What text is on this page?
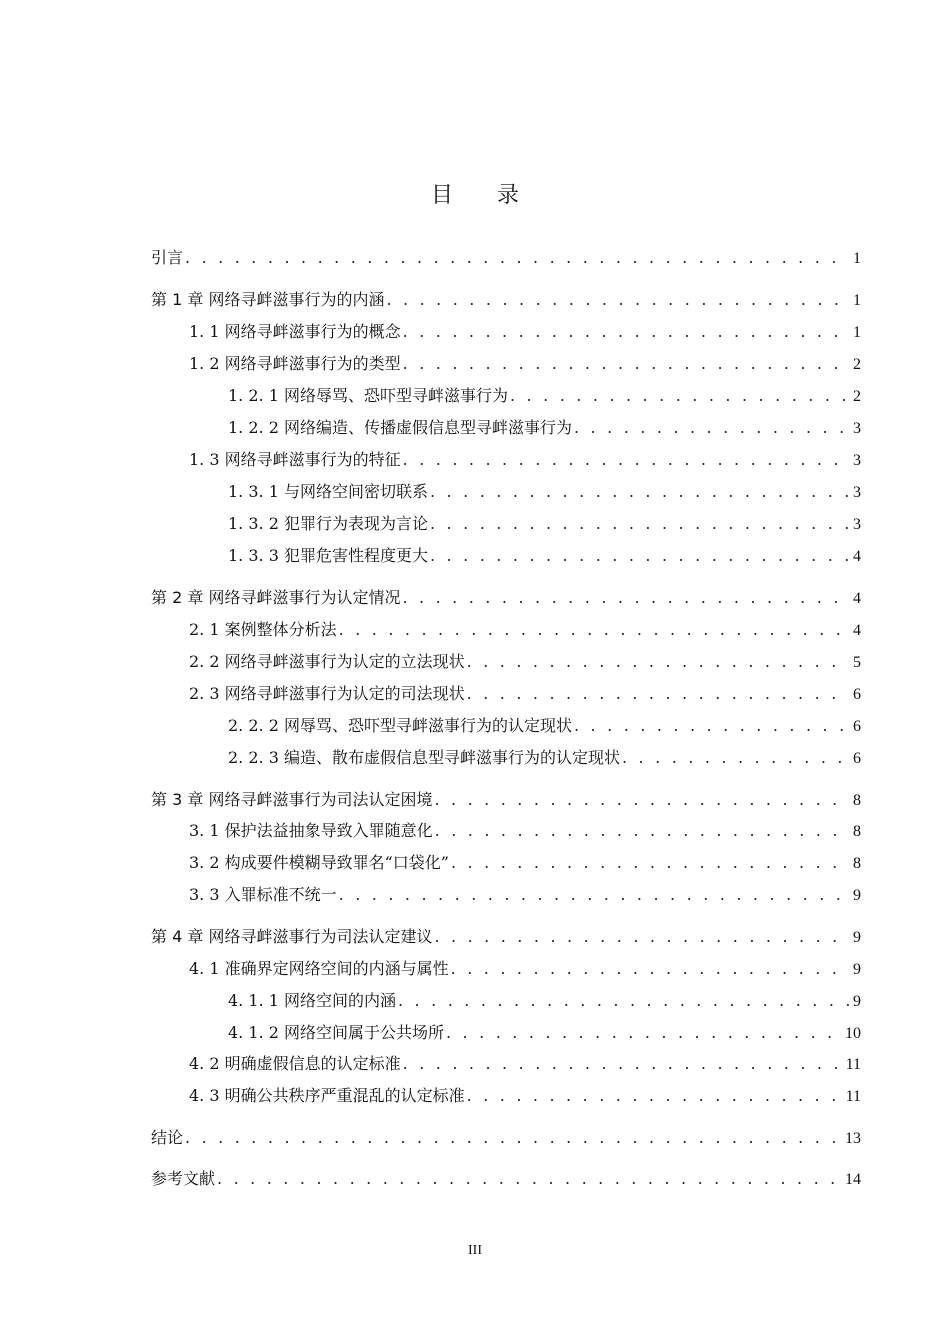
目 录
引言 . . .	1
第 1 章 网络寻衅滋事行为的内涵 . . .	1
1. 1 网络寻衅滋事行为的概念 . . .	1
1. 2 网络寻衅滋事行为的类型 . . .	2
1. 2. 1 网络辱骂、恐吓型寻衅滋事行为 . . .	2
1. 2. 2 网络编造、传播虚假信息型寻衅滋事行为 . . .	3
1. 3 网络寻衅滋事行为的特征 . . .	3
1. 3. 1 与网络空间密切联系 . . .	3
1. 3. 2 犯罪行为表现为言论 . . .	3
1. 3. 3 犯罪危害性程度更大 . . .	4
第 2 章 网络寻衅滋事行为认定情况 . . .	4
2. 1 案例整体分析法 . . .	4
2. 2 网络寻衅滋事行为认定的立法现状 . . .	5
2. 3 网络寻衅滋事行为认定的司法现状 . . .	6
2. 2. 2 网辱骂、恐吓型寻衅滋事行为的认定现状 . . .	6
2. 2. 3 编造、散布虚假信息型寻衅滋事行为的认定现状 . . .	6
第 3 章 网络寻衅滋事行为司法认定困境 . . .	8
3. 1 保护法益抽象导致入罪随意化 . . .	8
3. 2 构成要件模糊导致罪名“口袋化” . . .	8
3. 3 入罪标准不统一 . . .	9
第 4 章 网络寻衅滋事行为司法认定建议 . . .	9
4. 1 准确界定网络空间的内涵与属性 . . .	9
4. 1. 1 网络空间的内涵 . . .	9
4. 1. 2 网络空间属于公共场所 . . .	10
4. 2 明确虚假信息的认定标准 . . .	11
4. 3 明确公共秩序严重混乱的认定标准 . . .	11
结论 . . .	13
参考文献 . . .	14
III
